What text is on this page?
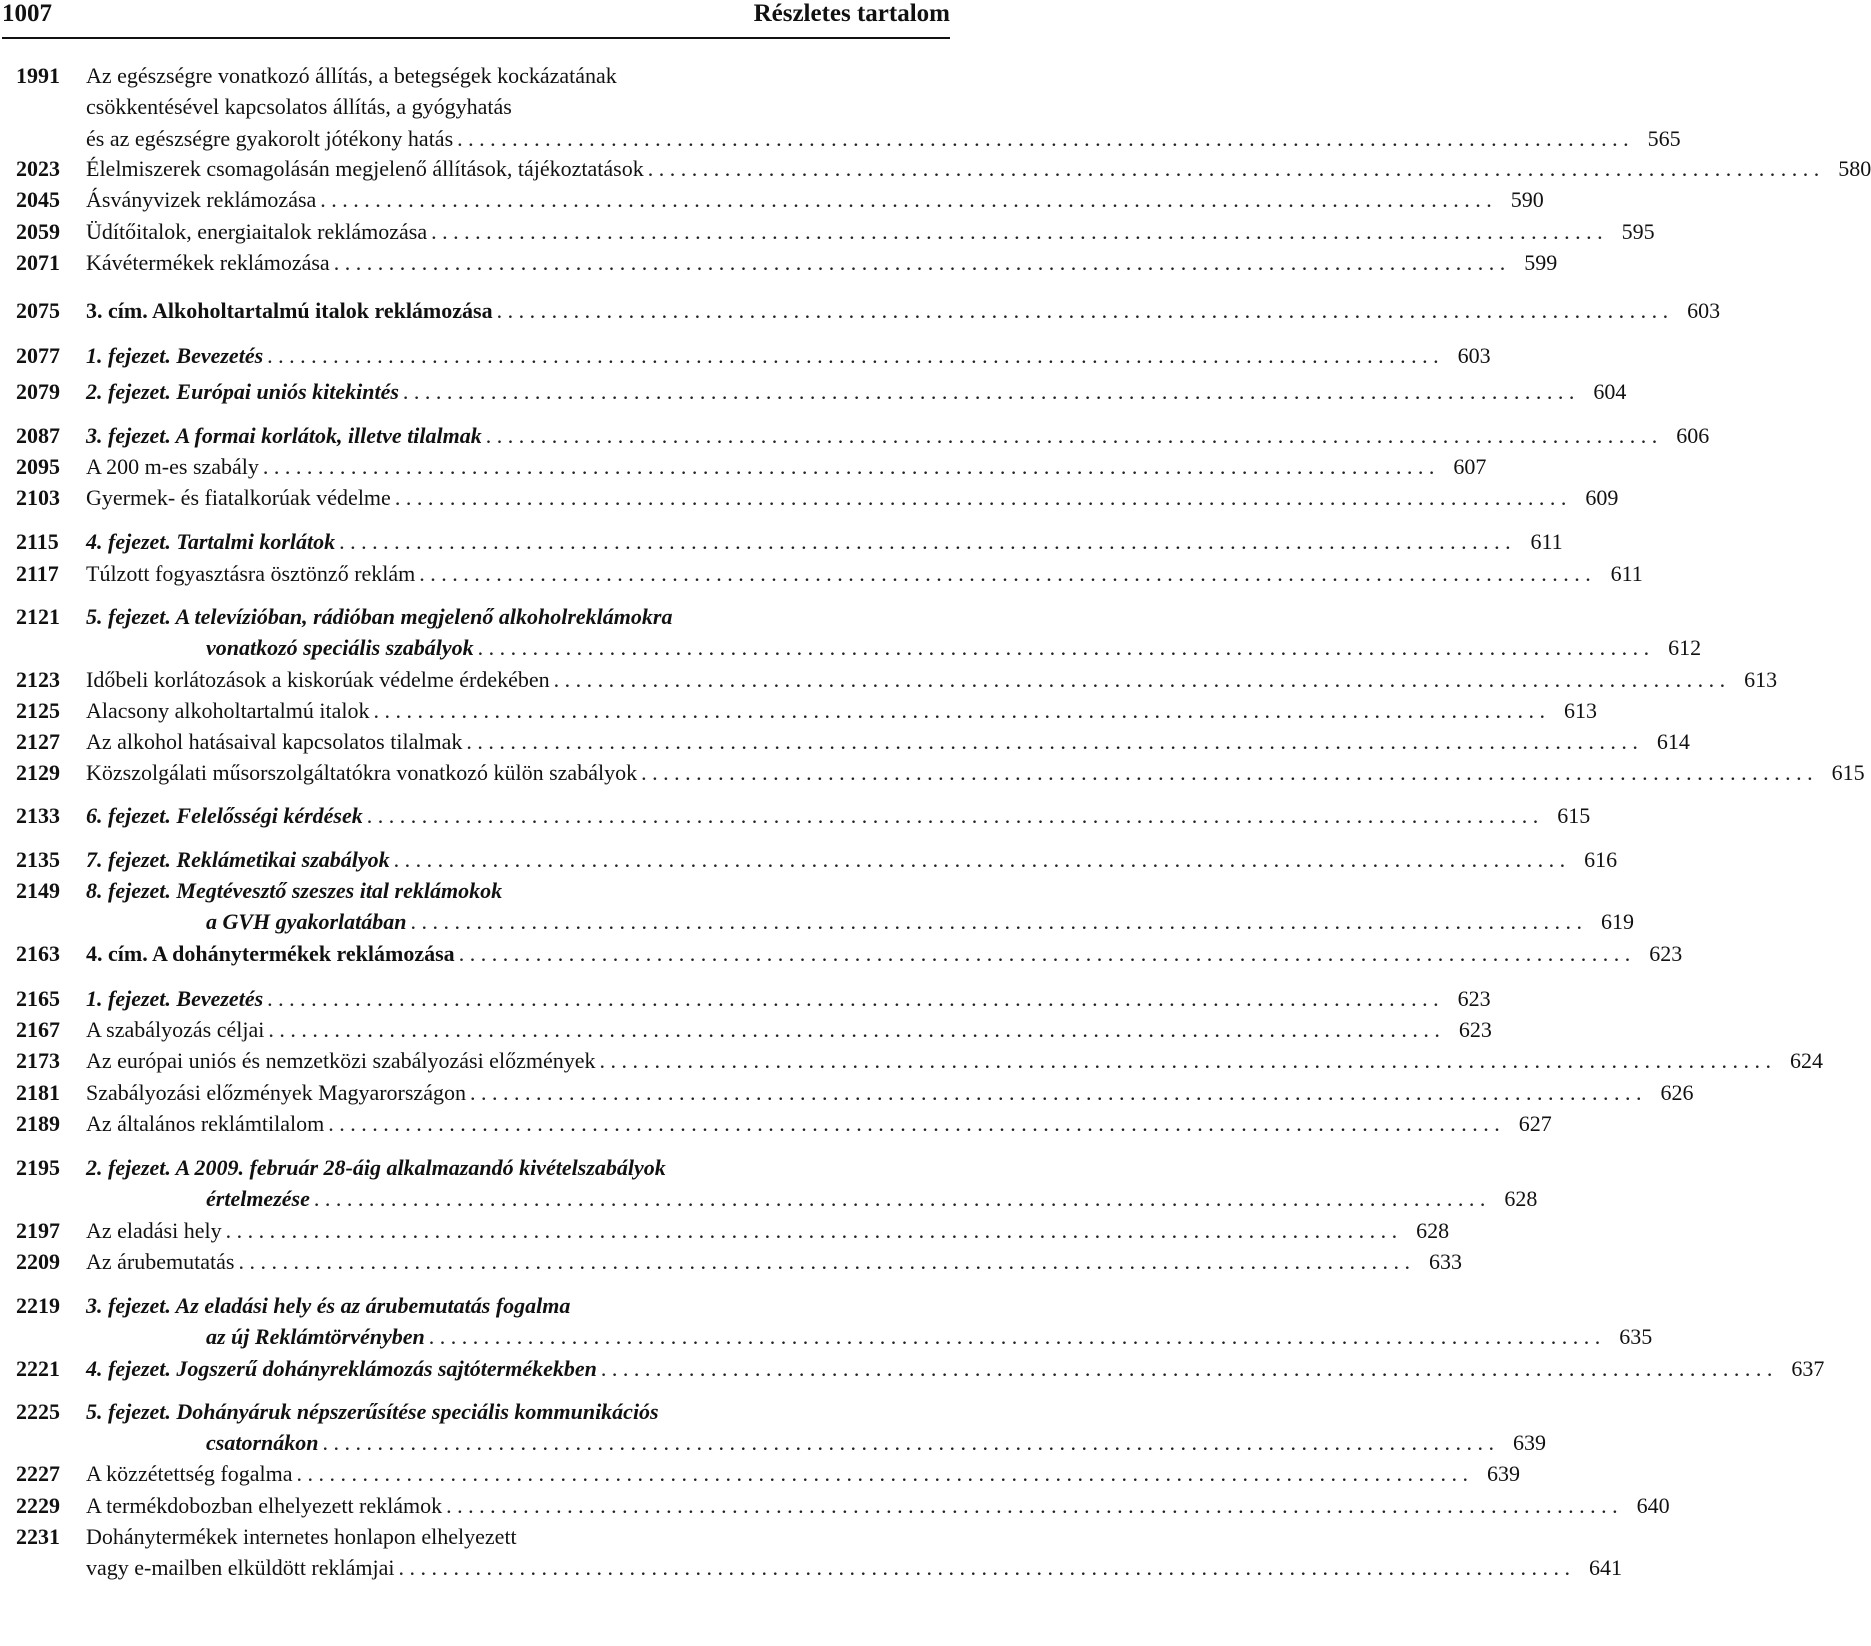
1007	Részletes tartalom
1991	Az egészségre vonatkozó állítás, a betegségek kockázatának
csökkentésével kapcsolatos állítás, a gyógyhatás
és az egészségre gyakorolt jótékony hatás . . .	565
2023	Élelmiszerek csomagolásán megjelenő állítások, tájékoztatások . . .	580
2045	Ásványvizek reklámozása . . .	590
2059	Üdítőitalok, energiaitalok reklámozása . . .	595
2071	Kávétermékek reklámozása . . .	599
2075	3. cím. Alkoholtartalmú italok reklámozása . . .	603
2077	1. fejezet. Bevezetés . . .	603
2079	2. fejezet. Európai uniós kitekintés . . .	604
2087	3. fejezet. A formai korlátok, illetve tilalmak . . .	606
2095	A 200 m-es szabály . . .	607
2103	Gyermek- és fiatalkorúak védelme . . .	609
2115	4. fejezet. Tartalmi korlátok . . .	611
2117	Túlzott fogyasztásra ösztönző reklám . . .	611
2121	5. fejezet. A televízióban, rádióban megjelenő alkoholreklámokra
vonatkozó speciális szabályok . . .	612
2123	Időbeli korlátozások a kiskorúak védelme érdekében . . .	613
2125	Alacsony alkoholtartalmú italok . . .	613
2127	Az alkohol hatásaival kapcsolatos tilalmak . . .	614
2129	Közszolgálati műsorszolgáltatókra vonatkozó külön szabályok . . .	615
2133	6. fejezet. Felelősségi kérdések . . .	615
2135	7. fejezet. Reklámetikai szabályok . . .	616
2149	8. fejezet. Megtévesztő szeszes ital reklámokok
a GVH gyakorlatában . . .	619
2163	4. cím. A dohánytermékek reklámozása . . .	623
2165	1. fejezet. Bevezetés . . .	623
2167	A szabályozás céljai . . .	623
2173	Az európai uniós és nemzetközi szabályozási előzmények . . .	624
2181	Szabályozási előzmények Magyarországon . . .	626
2189	Az általános reklámtilalom . . .	627
2195	2. fejezet. A 2009. február 28-áig alkalmazandó kivételszabályok
értelmezése . . .	628
2197	Az eladási hely . . .	628
2209	Az árubemutatás . . .	633
2219	3. fejezet. Az eladási hely és az árubemutatás fogalma
az új Reklámtörvényben . . .	635
2221	4. fejezet. Jogszerű dohányreklámozás sajtótermékekben . . .	637
2225	5. fejezet. Dohányáruk népszerűsítése speciális kommunikációs
csatornákon . . .	639
2227	A közzétettség fogalma . . .	639
2229	A termékdobozban elhelyezett reklámok . . .	640
2231	Dohánytermékek internetes honlapon elhelyezett
vagy e-mailben elküldött reklámjai . . .	641
